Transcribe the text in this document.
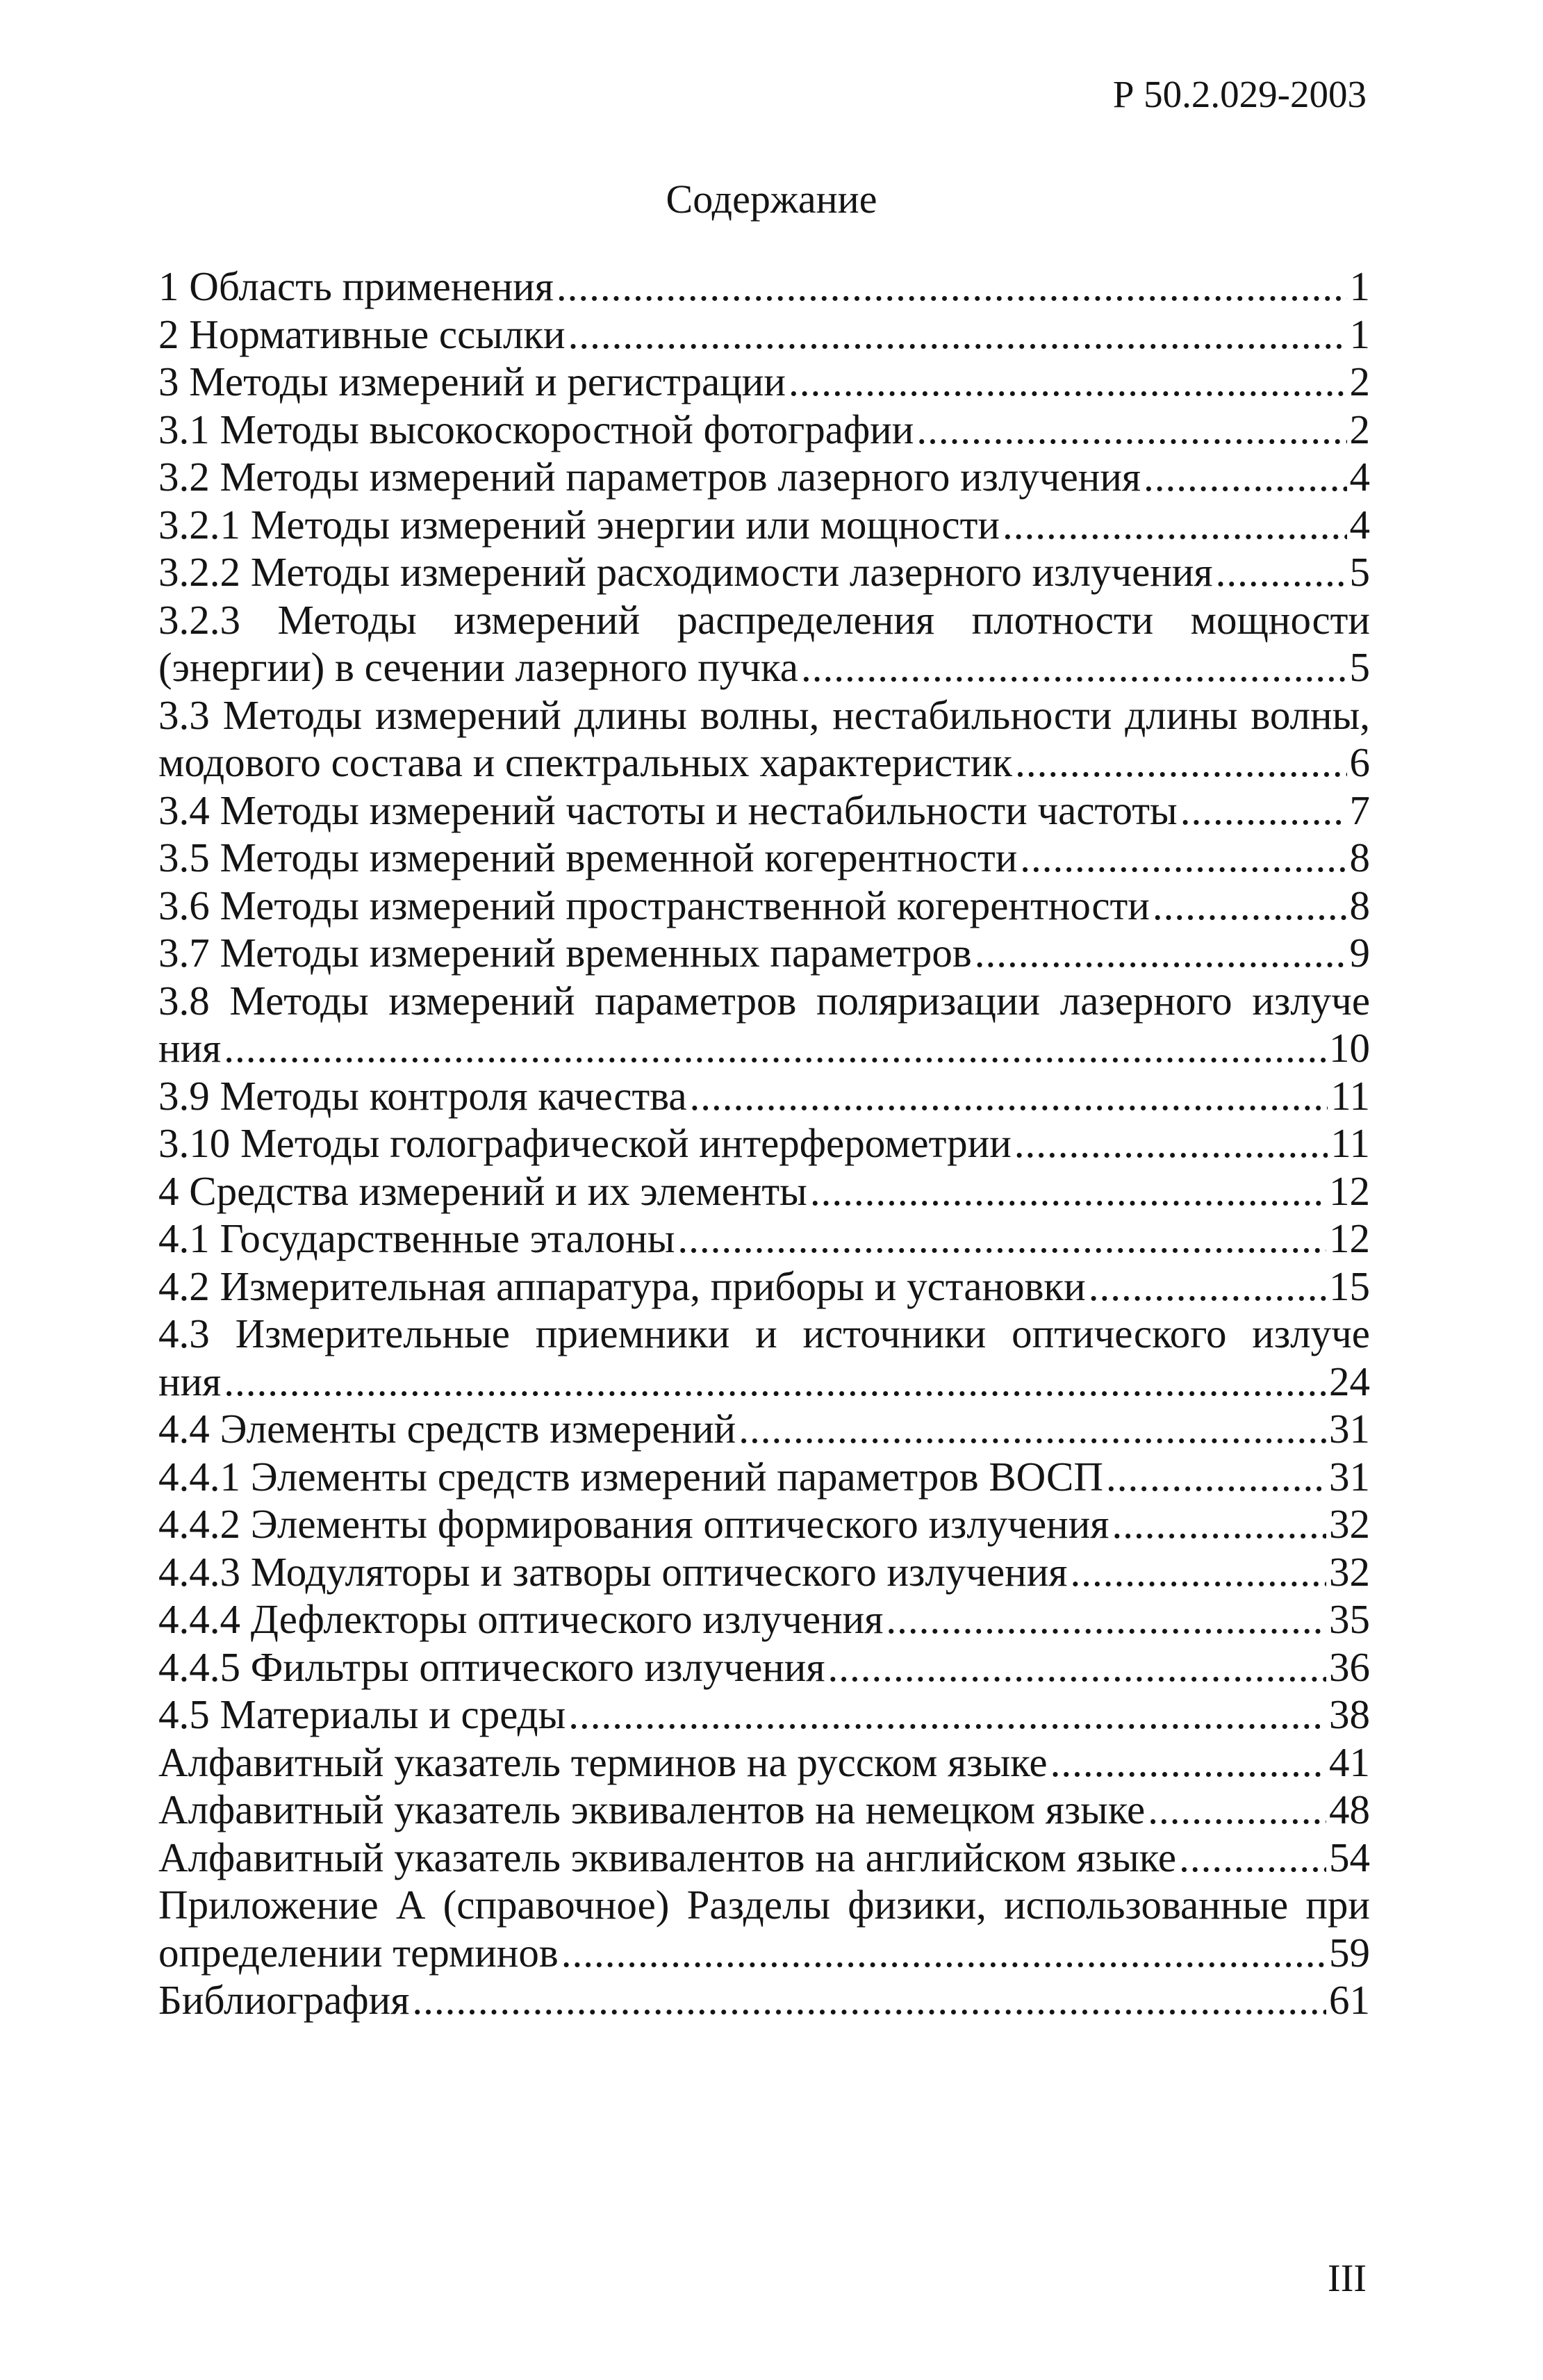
Р 50.2.029-2003
Содержание
1 Область применения .....	1
2 Нормативные ссылки .....	1
3 Методы измерений и регистрации .....	2
3.1 Методы высокоскоростной фотографии .....	2
3.2 Методы измерений параметров лазерного излучения .....	4
3.2.1 Методы измерений энергии или мощности .....	4
3.2.2 Методы измерений расходимости лазерного излучения .....	5
3.2.3 Методы измерений распределения плотности мощности
(энергии) в сечении лазерного пучка .....	5
3.3 Методы измерений длины волны, нестабильности длины волны,
модового состава и спектральных характеристик .....	6
3.4 Методы измерений частоты и нестабильности частоты .....	7
3.5 Методы измерений временной когерентности .....	8
3.6 Методы измерений пространственной когерентности .....	8
3.7 Методы измерений временных параметров .....	9
3.8 Методы измерений параметров поляризации лазерного излуче
ния .....	10
3.9 Методы контроля качества .....	11
3.10 Методы голографической интерферометрии .....	11
4 Средства измерений и их элементы .....	12
4.1 Государственные эталоны .....	12
4.2 Измерительная аппаратура, приборы и установки .....	15
4.3 Измерительные приемники и источники оптического излуче
ния .....	24
4.4 Элементы средств измерений .....	31
4.4.1 Элементы средств измерений параметров ВОСП .....	31
4.4.2 Элементы формирования оптического излучения .....	32
4.4.3 Модуляторы и затворы оптического излучения .....	32
4.4.4 Дефлекторы оптического излучения .....	35
4.4.5 Фильтры оптического излучения .....	36
4.5 Материалы и среды .....	38
Алфавитный указатель терминов на русском языке .....	41
Алфавитный указатель эквивалентов на немецком языке .....	48
Алфавитный указатель эквивалентов на английском языке .....	54
Приложение А (справочное) Разделы физики, использованные при
определении терминов .....	59
Библиография .....	61
III
